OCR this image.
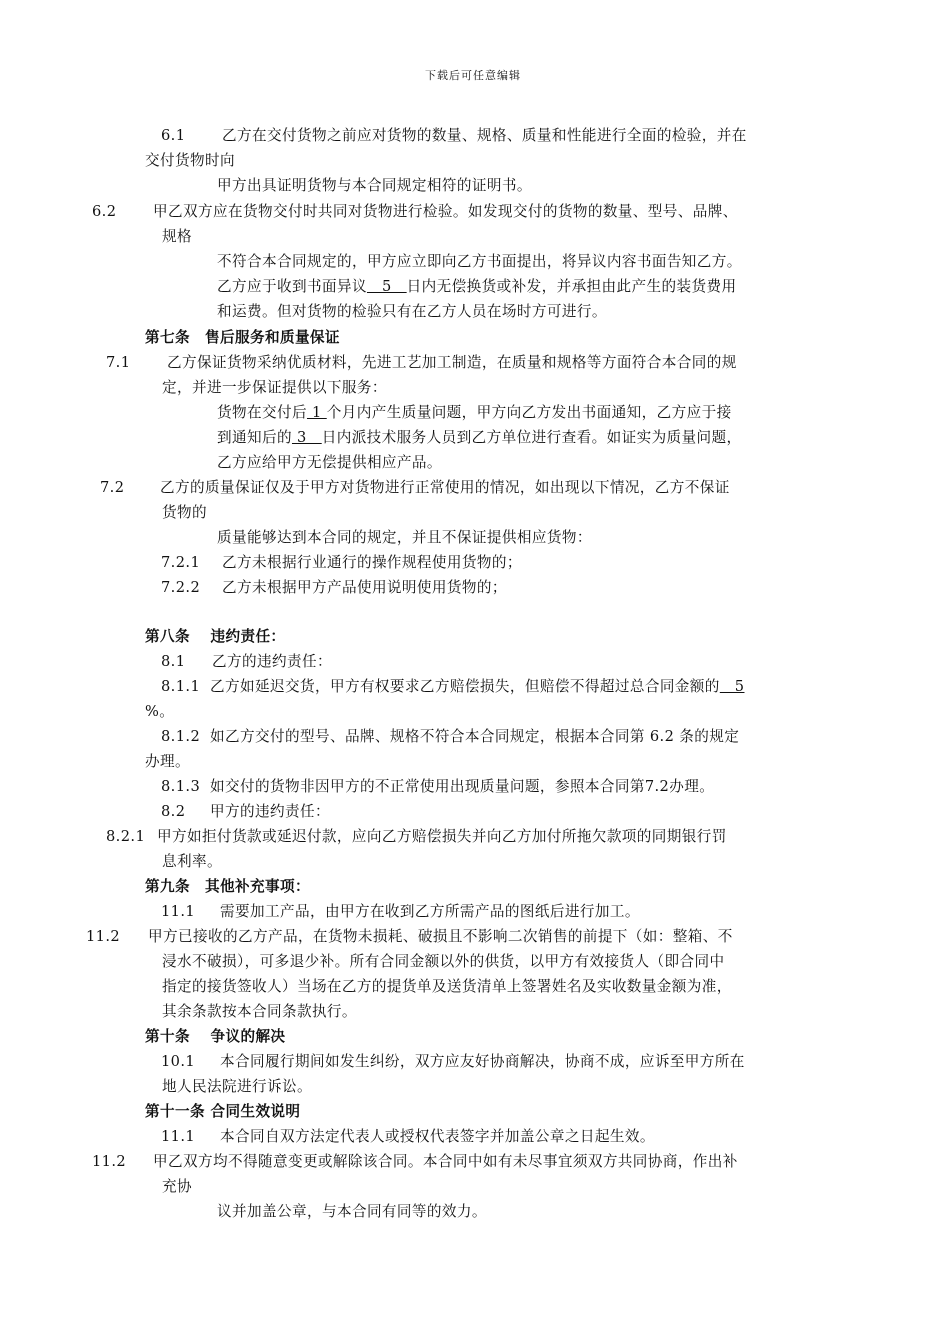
下载后可任意编辑
6.1	乙方在交付货物之前应对货物的数量、规格、质量和性能进行全面的检验，并在
交付货物时向
甲方出具证明货物与本合同规定相符的证明书。
6.2	甲乙双方应在货物交付时共同对货物进行检验。如发现交付的货物的数量、型号、品牌、
规格
不符合本合同规定的，甲方应立即向乙方书面提出，将异议内容书面告知乙方。
乙方应于收到书面异议　5　日内无偿换货或补发，并承担由此产生的装货费用
和运费。但对货物的检验只有在乙方人员在场时方可进行。
第七条　售后服务和质量保证
7.1	乙方保证货物采纳优质材料，先进工艺加工制造，在质量和规格等方面符合本合同的规
定，并进一步保证提供以下服务：
货物在交付后 1 个月内产生质量问题，甲方向乙方发出书面通知，乙方应于接
到通知后的 3　日内派技术服务人员到乙方单位进行查看。如证实为质量问题，
乙方应给甲方无偿提供相应产品。
7.2 乙方的质量保证仅及于甲方对货物进行正常使用的情况，如出现以下情况，乙方不保证
货物的
质量能够达到本合同的规定，并且不保证提供相应货物：
7.2.1 乙方未根据行业通行的操作规程使用货物的；
7.2.2 乙方未根据甲方产品使用说明使用货物的；
第八条　 违约责任：
8.1 乙方的违约责任：
8.1.1 乙方如延迟交货，甲方有权要求乙方赔偿损失，但赔偿不得超过总合同金额的　5
%。
8.1.2 如乙方交付的型号、品牌、规格不符合本合同规定，根据本合同第 6.2 条的规定
办理。
8.1.3 如交付的货物非因甲方的不正常使用出现质量问题，参照本合同第7.2办理。
8.2 甲方的违约责任：
8.2.1 甲方如拒付货款或延迟付款，应向乙方赔偿损失并向乙方加付所拖欠款项的同期银行罚
息利率。
第九条　其他补充事项：
11.1 需要加工产品，由甲方在收到乙方所需产品的图纸后进行加工。
11.2 甲方已接收的乙方产品，在货物未损耗、破损且不影响二次销售的前提下（如：整箱、不
浸水不破损），可多退少补。所有合同金额以外的供货，以甲方有效接货人（即合同中
指定的接货签收人）当场在乙方的提货单及送货清单上签署姓名及实收数量金额为准，
其余条款按本合同条款执行。
第十条　 争议的解决
10.1 本合同履行期间如发生纠纷，双方应友好协商解决，协商不成，应诉至甲方所在
地人民法院进行诉讼。
第十一条 合同生效说明
11.1 本合同自双方法定代表人或授权代表签字并加盖公章之日起生效。
11.2 甲乙双方均不得随意变更或解除该合同。本合同中如有未尽事宜须双方共同协商，作出补
充协
议并加盖公章，与本合同有同等的效力。
